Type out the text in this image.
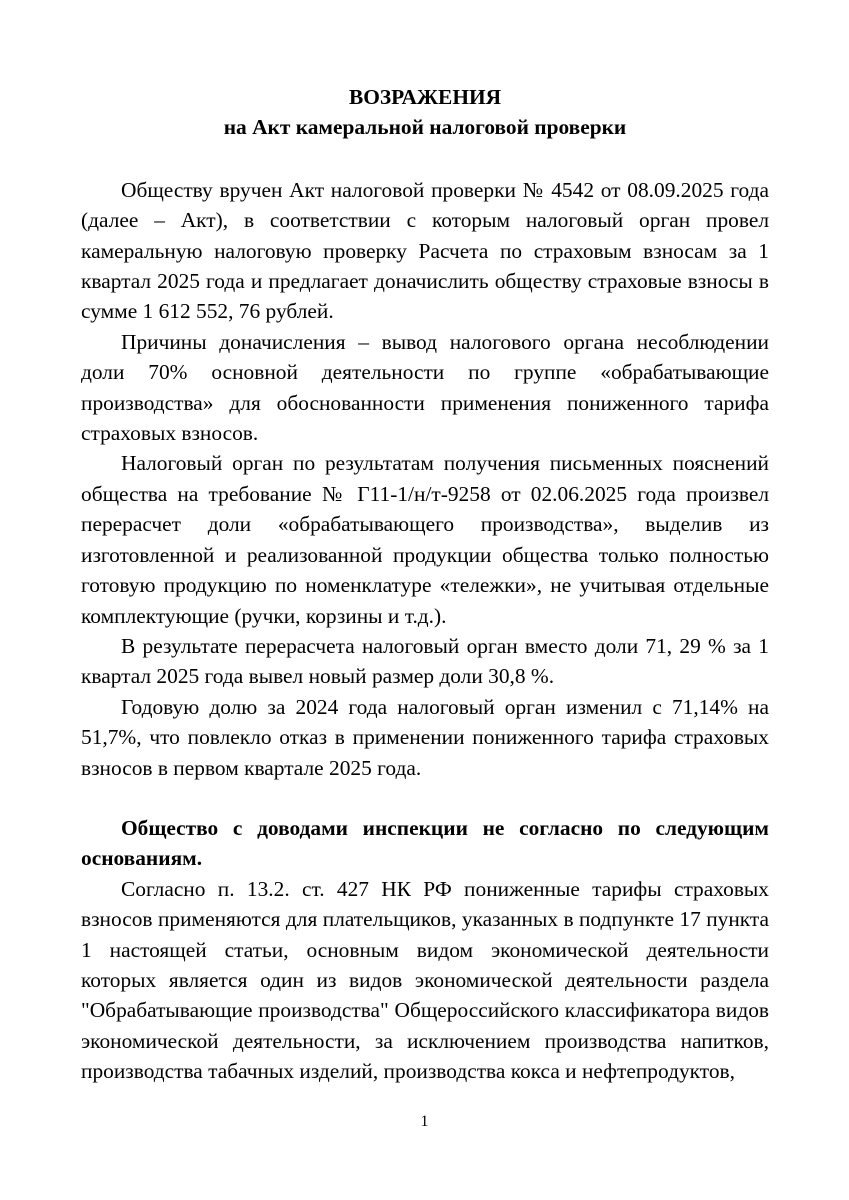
ВОЗРАЖЕНИЯ

на Акт камеральной налоговой проверки

Обществу вручен Акт налоговой проверки № 4542 от 08.09.2025 года (далее – Акт), в соответствии с которым налоговый орган провел камеральную налоговую проверку Расчета по страховым взносам за 1 квартал 2025 года и предлагает доначислить обществу страховые взносы в сумме 1 612 552, 76 рублей.

Причины доначисления – вывод налогового органа несоблюдении доли 70% основной деятельности по группе «обрабатывающие производства» для обоснованности применения пониженного тарифа страховых взносов.

Налоговый орган по результатам получения письменных пояснений общества на требование № Г11-1/н/т-9258 от 02.06.2025 года произвел перерасчет доли «обрабатывающего производства», выделив из изготовленной и реализованной продукции общества только полностью готовую продукцию по номенклатуре «тележки», не учитывая отдельные комплектующие (ручки, корзины и т.д.).

В результате перерасчета налоговый орган вместо доли 71, 29 % за 1 квартал 2025 года вывел новый размер доли 30,8 %.

Годовую долю за 2024 года налоговый орган изменил с 71,14% на 51,7%, что повлекло отказ в применении пониженного тарифа страховых взносов в первом квартале 2025 года.

Общество с доводами инспекции не согласно по следующим основаниям.

Согласно п. 13.2. ст. 427 НК РФ пониженные тарифы страховых взносов применяются для плательщиков, указанных в подпункте 17 пункта 1 настоящей статьи, основным видом экономической деятельности которых является один из видов экономической деятельности раздела "Обрабатывающие производства" Общероссийского классификатора видов экономической деятельности, за исключением производства напитков, производства табачных изделий, производства кокса и нефтепродуктов,

1
